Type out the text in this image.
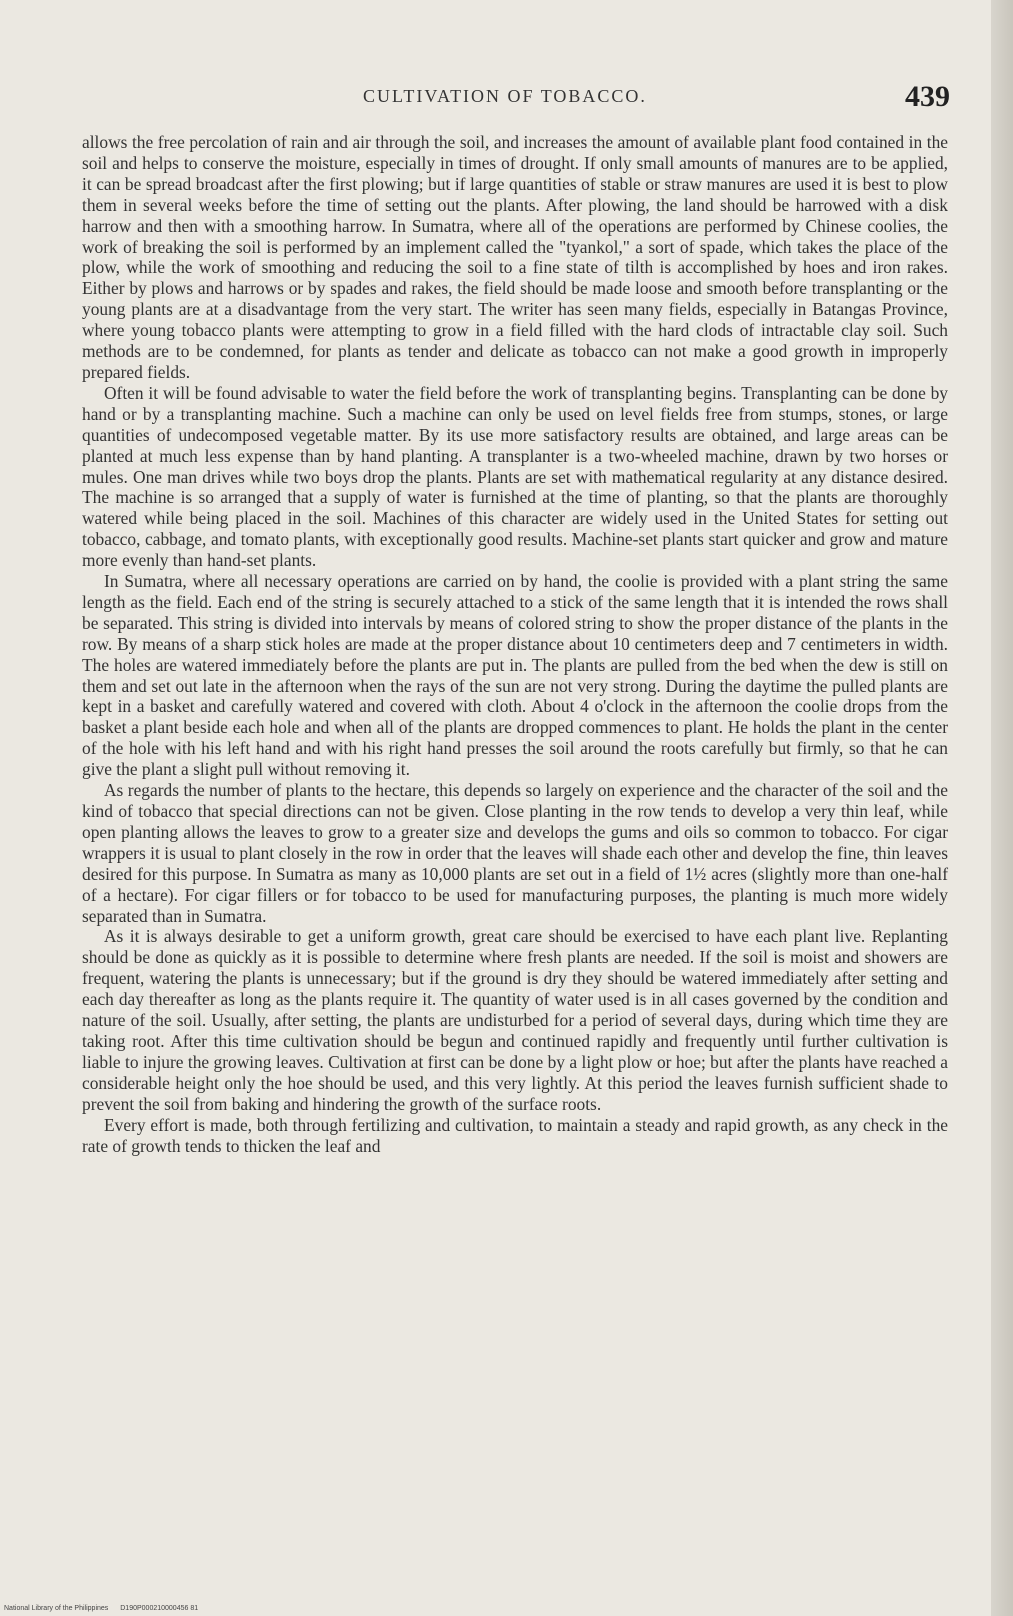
CULTIVATION OF TOBACCO.	439

allows the free percolation of rain and air through the soil, and increases the amount of available plant food contained in the soil and helps to conserve the moisture, especially in times of drought. If only small amounts of manures are to be applied, it can be spread broadcast after the first plowing; but if large quantities of stable or straw manures are used it is best to plow them in several weeks before the time of setting out the plants. After plowing, the land should be harrowed with a disk harrow and then with a smoothing harrow. In Sumatra, where all of the operations are performed by Chinese coolies, the work of breaking the soil is performed by an implement called the "tyankol," a sort of spade, which takes the place of the plow, while the work of smoothing and reducing the soil to a fine state of tilth is accomplished by hoes and iron rakes. Either by plows and harrows or by spades and rakes, the field should be made loose and smooth before transplanting or the young plants are at a disadvantage from the very start. The writer has seen many fields, especially in Batangas Province, where young tobacco plants were attempting to grow in a field filled with the hard clods of intractable clay soil. Such methods are to be condemned, for plants as tender and delicate as tobacco can not make a good growth in improperly prepared fields.

Often it will be found advisable to water the field before the work of transplanting begins. Transplanting can be done by hand or by a transplanting machine. Such a machine can only be used on level fields free from stumps, stones, or large quantities of undecomposed vegetable matter. By its use more satisfactory results are obtained, and large areas can be planted at much less expense than by hand planting. A transplanter is a two-wheeled machine, drawn by two horses or mules. One man drives while two boys drop the plants. Plants are set with mathematical regularity at any distance desired. The machine is so arranged that a supply of water is furnished at the time of planting, so that the plants are thoroughly watered while being placed in the soil. Machines of this character are widely used in the United States for setting out tobacco, cabbage, and tomato plants, with exceptionally good results. Machine-set plants start quicker and grow and mature more evenly than hand-set plants.

In Sumatra, where all necessary operations are carried on by hand, the coolie is provided with a plant string the same length as the field. Each end of the string is securely attached to a stick of the same length that it is intended the rows shall be separated. This string is divided into intervals by means of colored string to show the proper distance of the plants in the row. By means of a sharp stick holes are made at the proper distance about 10 centimeters deep and 7 centimeters in width. The holes are watered immediately before the plants are put in. The plants are pulled from the bed when the dew is still on them and set out late in the afternoon when the rays of the sun are not very strong. During the daytime the pulled plants are kept in a basket and carefully watered and covered with cloth. About 4 o'clock in the afternoon the coolie drops from the basket a plant beside each hole and when all of the plants are dropped commences to plant. He holds the plant in the center of the hole with his left hand and with his right hand presses the soil around the roots carefully but firmly, so that he can give the plant a slight pull without removing it.

As regards the number of plants to the hectare, this depends so largely on experience and the character of the soil and the kind of tobacco that special directions can not be given. Close planting in the row tends to develop a very thin leaf, while open planting allows the leaves to grow to a greater size and develops the gums and oils so common to tobacco. For cigar wrappers it is usual to plant closely in the row in order that the leaves will shade each other and develop the fine, thin leaves desired for this purpose. In Sumatra as many as 10,000 plants are set out in a field of 1½ acres (slightly more than one-half of a hectare). For cigar fillers or for tobacco to be used for manufacturing purposes, the planting is much more widely separated than in Sumatra.

As it is always desirable to get a uniform growth, great care should be exercised to have each plant live. Replanting should be done as quickly as it is possible to determine where fresh plants are needed. If the soil is moist and showers are frequent, watering the plants is unnecessary; but if the ground is dry they should be watered immediately after setting and each day thereafter as long as the plants require it. The quantity of water used is in all cases governed by the condition and nature of the soil. Usually, after setting, the plants are undisturbed for a period of several days, during which time they are taking root. After this time cultivation should be begun and continued rapidly and frequently until further cultivation is liable to injure the growing leaves. Cultivation at first can be done by a light plow or hoe; but after the plants have reached a considerable height only the hoe should be used, and this very lightly. At this period the leaves furnish sufficient shade to prevent the soil from baking and hindering the growth of the surface roots.

Every effort is made, both through fertilizing and cultivation, to maintain a steady and rapid growth, as any check in the rate of growth tends to thicken the leaf and

National Library of the Philippines D190P000210000456 81
